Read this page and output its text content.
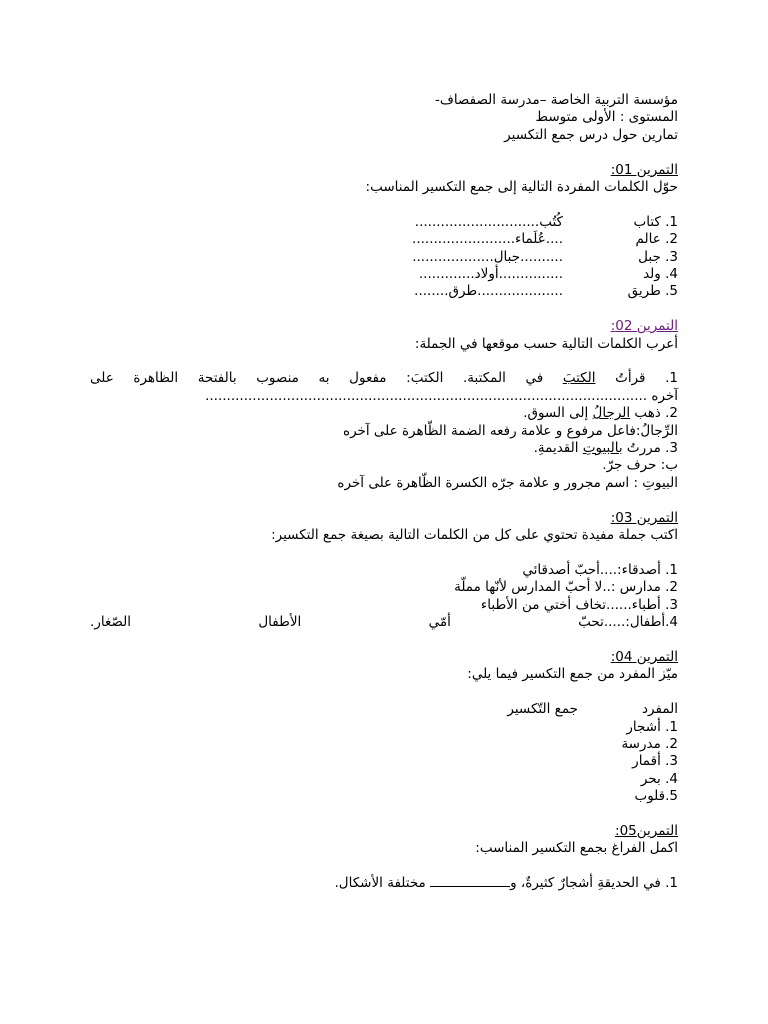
مؤسسة التربية الخاصة –مدرسة الصفصاف-
المستوى : الأولى متوسط
تمارين حول درس جمع التكسير
التمرين 01:
حوّل الكلمات المفردة التالية إلى جمع التكسير المناسب:
1. كتاب
كُتُب.............................
2. عالم
....عُلَماء........................
3. جبل
..........جبال...................
4. ولد
...............أولاد.............
5. طريق
....................طرق........
التمرين 02:
أعرب الكلمات التالية حسب موقعها في الجملة:
1. قرأتُ الكتبَ في المكتبة. الكتبَ: مفعول به منصوب بالفتحة الظاهرة على
آخره .......................................................................................................
2. ذهب الرجالُ إلى السوق.
الرِّجالُ:فاعل مرفوع و علامة رفعه الضمة الظّاهرة على آخره
3. مررتُ بالبيوتِ القديمةِ.
ب: حرف جرّ.
البيوتِ : اسم مجرور و علامة جرّه الكسرة الظّاهرة على آخره
التمرين 03:
اكتب جملة مفيدة تحتوي على كل من الكلمات التالية بصيغة جمع التكسير:
1. أصدقاء:....أحبّ أصدقائي
2. مدارس :..لا أحبّ المدارس لأنّها مملّة
3. أطباء......تخاف أختي من الأطباء
4.أطفال:.....تحبّ
أمّي
الأطفال
الصّغار.
التمرين 04:
ميّز المفرد من جمع التكسير فيما يلي:
المفرد
جمع التّكسير
1. أشجار
2. مدرسة
3. أقمار
4. بحر
5.قلوب
التمرين05:
اكمل الفراغ بجمع التكسير المناسب:
1. في الحديقةِ أشجارٌ كثيرةٌ، و مختلفة الأشكال.
